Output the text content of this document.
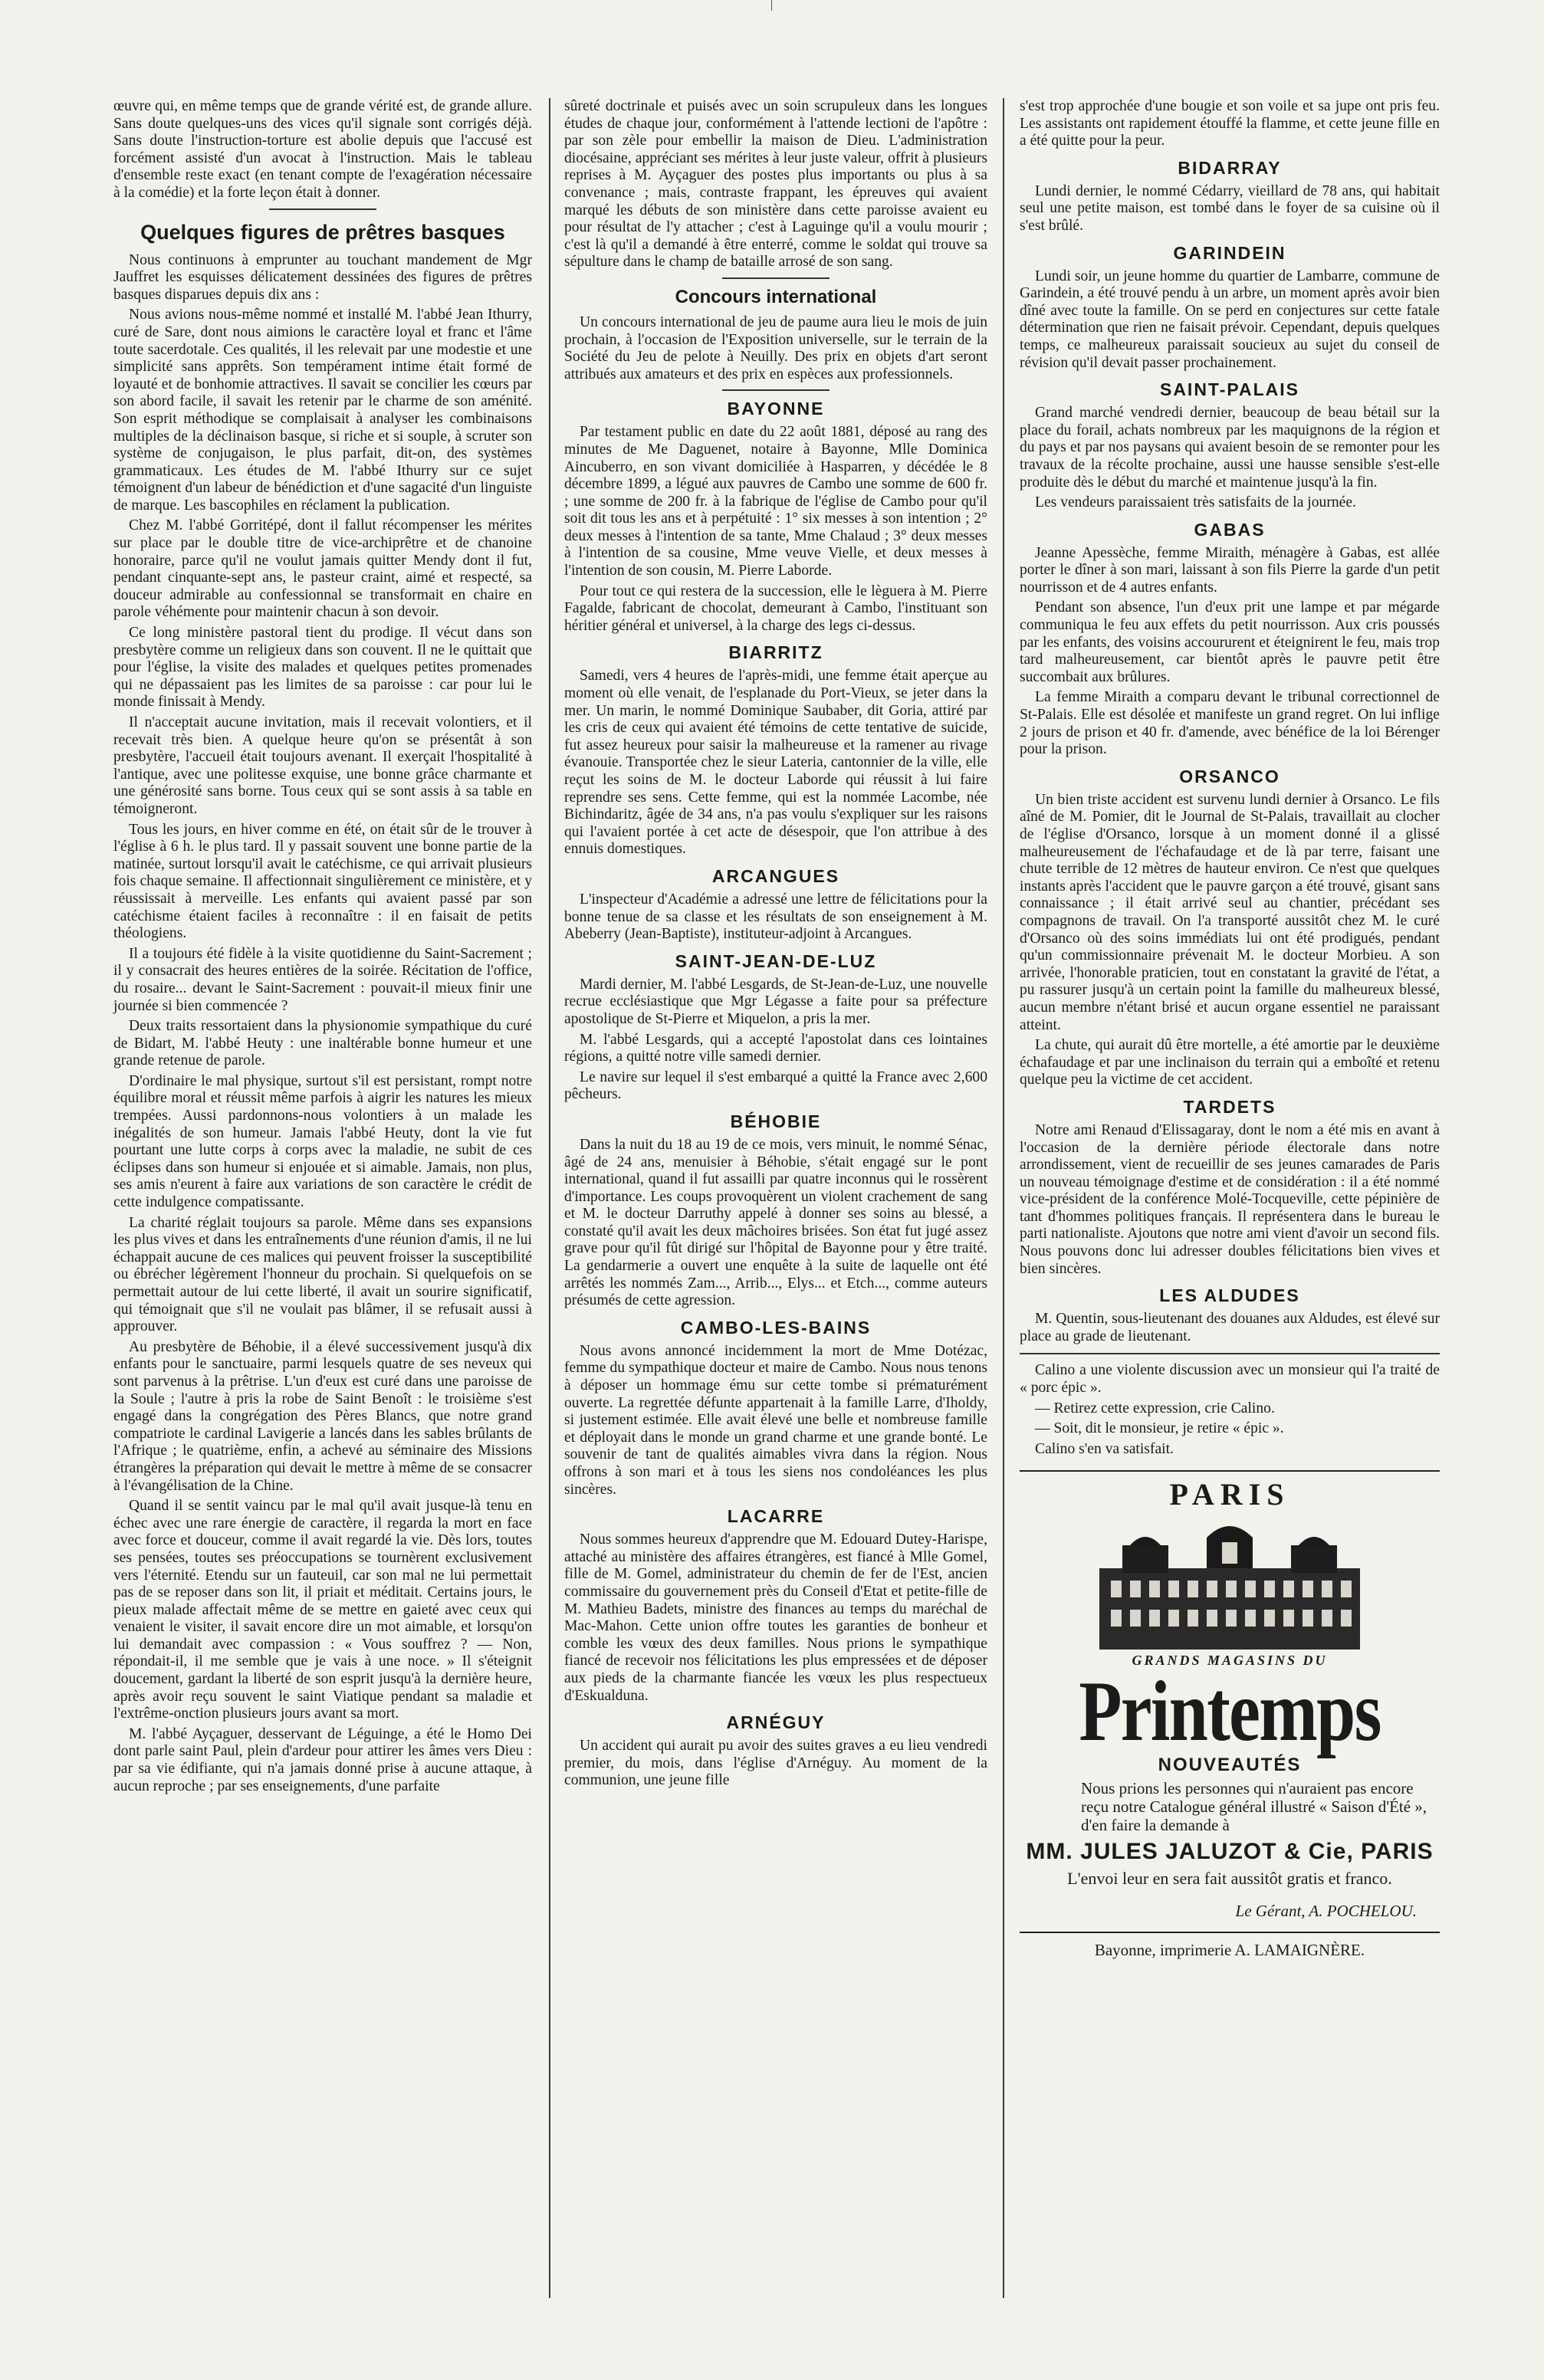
œuvre qui, en même temps que de grande vérité est, de grande allure. Sans doute quelques-uns des vices qu'il signale sont corrigés déjà. Sans doute l'instruction-torture est abolie depuis que l'accusé est forcément assisté d'un avocat à l'instruction. Mais le tableau d'ensemble reste exact (en tenant compte de l'exagération nécessaire à la comédie) et la forte leçon était à donner.

Quelques figures de prêtres basques

Nous continuons à emprunter au touchant mandement de Mgr Jauffret les esquisses délicatement dessinées des figures de prêtres basques disparues depuis dix ans :

Nous avions nous-même nommé et installé M. l'abbé Jean Ithurry, curé de Sare, dont nous aimions le caractère loyal et franc et l'âme toute sacerdotale. Ces qualités, il les relevait par une modestie et une simplicité sans apprêts. Son tempérament intime était formé de loyauté et de bonhomie attractives. Il savait se concilier les cœurs par son abord facile, il savait les retenir par le charme de son aménité. Son esprit méthodique se complaisait à analyser les combinaisons multiples de la déclinaison basque, si riche et si souple, à scruter son système de conjugaison, le plus parfait, dit-on, des systèmes grammaticaux. Les études de M. l'abbé Ithurry sur ce sujet témoignent d'un labeur de bénédiction et d'une sagacité d'un linguiste de marque. Les bascophiles en réclament la publication.

Chez M. l'abbé Gorritépé, dont il fallut récompenser les mérites sur place par le double titre de vice-archiprêtre et de chanoine honoraire, parce qu'il ne voulut jamais quitter Mendy dont il fut, pendant cinquante-sept ans, le pasteur craint, aimé et respecté, sa douceur admirable au confessionnal se transformait en chaire en parole véhémente pour maintenir chacun à son devoir.

Ce long ministère pastoral tient du prodige. Il vécut dans son presbytère comme un religieux dans son couvent. Il ne le quittait que pour l'église, la visite des malades et quelques petites promenades qui ne dépassaient pas les limites de sa paroisse : car pour lui le monde finissait à Mendy.

Il n'acceptait aucune invitation, mais il recevait volontiers, et il recevait très bien. A quelque heure qu'on se présentât à son presbytère, l'accueil était toujours avenant. Il exerçait l'hospitalité à l'antique, avec une politesse exquise, une bonne grâce charmante et une générosité sans borne. Tous ceux qui se sont assis à sa table en témoigneront.

Tous les jours, en hiver comme en été, on était sûr de le trouver à l'église à 6 h. le plus tard. Il y passait souvent une bonne partie de la matinée, surtout lorsqu'il avait le catéchisme, ce qui arrivait plusieurs fois chaque semaine. Il affectionnait singulièrement ce ministère, et y réussissait à merveille. Les enfants qui avaient passé par son catéchisme étaient faciles à reconnaître : il en faisait de petits théologiens.

Il a toujours été fidèle à la visite quotidienne du Saint-Sacrement ; il y consacrait des heures entières de la soirée. Récitation de l'office, du rosaire... devant le Saint-Sacrement : pouvait-il mieux finir une journée si bien commencée ?

Deux traits ressortaient dans la physionomie sympathique du curé de Bidart, M. l'abbé Heuty : une inaltérable bonne humeur et une grande retenue de parole.

D'ordinaire le mal physique, surtout s'il est persistant, rompt notre équilibre moral et réussit même parfois à aigrir les natures les mieux trempées. Aussi pardonnons-nous volontiers à un malade les inégalités de son humeur. Jamais l'abbé Heuty, dont la vie fut pourtant une lutte corps à corps avec la maladie, ne subit de ces éclipses dans son humeur si enjouée et si aimable. Jamais, non plus, ses amis n'eurent à faire aux variations de son caractère le crédit de cette indulgence compatissante.

La charité réglait toujours sa parole. Même dans ses expansions les plus vives et dans les entraînements d'une réunion d'amis, il ne lui échappait aucune de ces malices qui peuvent froisser la susceptibilité ou ébrécher légèrement l'honneur du prochain. Si quelquefois on se permettait autour de lui cette liberté, il avait un sourire significatif, qui témoignait que s'il ne voulait pas blâmer, il se refusait aussi à approuver.

Au presbytère de Béhobie, il a élevé successivement jusqu'à dix enfants pour le sanctuaire, parmi lesquels quatre de ses neveux qui sont parvenus à la prêtrise. L'un d'eux est curé dans une paroisse de la Soule ; l'autre à pris la robe de Saint Benoît : le troisième s'est engagé dans la congrégation des Pères Blancs, que notre grand compatriote le cardinal Lavigerie a lancés dans les sables brûlants de l'Afrique ; le quatrième, enfin, a achevé au séminaire des Missions étrangères la préparation qui devait le mettre à même de se consacrer à l'évangélisation de la Chine.

Quand il se sentit vaincu par le mal qu'il avait jusque-là tenu en échec avec une rare énergie de caractère, il regarda la mort en face avec force et douceur, comme il avait regardé la vie. Dès lors, toutes ses pensées, toutes ses préoccupations se tournèrent exclusivement vers l'éternité. Etendu sur un fauteuil, car son mal ne lui permettait pas de se reposer dans son lit, il priait et méditait. Certains jours, le pieux malade affectait même de se mettre en gaieté avec ceux qui venaient le visiter, il savait encore dire un mot aimable, et lorsqu'on lui demandait avec compassion : « Vous souffrez ? — Non, répondait-il, il me semble que je vais à une noce. » Il s'éteignit doucement, gardant la liberté de son esprit jusqu'à la dernière heure, après avoir reçu souvent le saint Viatique pendant sa maladie et l'extrême-onction plusieurs jours avant sa mort.

M. l'abbé Ayçaguer, desservant de Léguinge, a été le Homo Dei dont parle saint Paul, plein d'ardeur pour attirer les âmes vers Dieu : par sa vie édifiante, qui n'a jamais donné prise à aucune attaque, à aucun reproche ; par ses enseignements, d'une parfaite

sûreté doctrinale et puisés avec un soin scrupuleux dans les longues études de chaque jour, conformément à l'attende lectioni de l'apôtre : par son zèle pour embellir la maison de Dieu. L'administration diocésaine, appréciant ses mérites à leur juste valeur, offrit à plusieurs reprises à M. Ayçaguer des postes plus importants ou plus à sa convenance ; mais, contraste frappant, les épreuves qui avaient marqué les débuts de son ministère dans cette paroisse avaient eu pour résultat de l'y attacher ; c'est à Laguinge qu'il a voulu mourir ; c'est là qu'il a demandé à être enterré, comme le soldat qui trouve sa sépulture dans le champ de bataille arrosé de son sang.

Concours international

Un concours international de jeu de paume aura lieu le mois de juin prochain, à l'occasion de l'Exposition universelle, sur le terrain de la Société du Jeu de pelote à Neuilly. Des prix en objets d'art seront attribués aux amateurs et des prix en espèces aux professionnels.

BAYONNE

Par testament public en date du 22 août 1881, déposé au rang des minutes de Me Daguenet, notaire à Bayonne, Mlle Dominica Aincuberro, en son vivant domiciliée à Hasparren, y décédée le 8 décembre 1899, a légué aux pauvres de Cambo une somme de 600 fr. ; une somme de 200 fr. à la fabrique de l'église de Cambo pour qu'il soit dit tous les ans et à perpétuité : 1° six messes à son intention ; 2° deux messes à l'intention de sa tante, Mme Chalaud ; 3° deux messes à l'intention de sa cousine, Mme veuve Vielle, et deux messes à l'intention de son cousin, M. Pierre Laborde.

Pour tout ce qui restera de la succession, elle le lèguera à M. Pierre Fagalde, fabricant de chocolat, demeurant à Cambo, l'instituant son héritier général et universel, à la charge des legs ci-dessus.

BIARRITZ

Samedi, vers 4 heures de l'après-midi, une femme était aperçue au moment où elle venait, de l'esplanade du Port-Vieux, se jeter dans la mer. Un marin, le nommé Dominique Saubaber, dit Goria, attiré par les cris de ceux qui avaient été témoins de cette tentative de suicide, fut assez heureux pour saisir la malheureuse et la ramener au rivage évanouie. Transportée chez le sieur Lateria, cantonnier de la ville, elle reçut les soins de M. le docteur Laborde qui réussit à lui faire reprendre ses sens. Cette femme, qui est la nommée Lacombe, née Bichindaritz, âgée de 34 ans, n'a pas voulu s'expliquer sur les raisons qui l'avaient portée à cet acte de désespoir, que l'on attribue à des ennuis domestiques.

ARCANGUES

L'inspecteur d'Académie a adressé une lettre de félicitations pour la bonne tenue de sa classe et les résultats de son enseignement à M. Abeberry (Jean-Baptiste), instituteur-adjoint à Arcangues.

SAINT-JEAN-DE-LUZ

Mardi dernier, M. l'abbé Lesgards, de St-Jean-de-Luz, une nouvelle recrue ecclésiastique que Mgr Légasse a faite pour sa préfecture apostolique de St-Pierre et Miquelon, a pris la mer.

M. l'abbé Lesgards, qui a accepté l'apostolat dans ces lointaines régions, a quitté notre ville samedi dernier.

Le navire sur lequel il s'est embarqué a quitté la France avec 2,600 pêcheurs.

BÉHOBIE

Dans la nuit du 18 au 19 de ce mois, vers minuit, le nommé Sénac, âgé de 24 ans, menuisier à Béhobie, s'était engagé sur le pont international, quand il fut assailli par quatre inconnus qui le rossèrent d'importance. Les coups provoquèrent un violent crachement de sang et M. le docteur Darruthy appelé à donner ses soins au blessé, a constaté qu'il avait les deux mâchoires brisées. Son état fut jugé assez grave pour qu'il fût dirigé sur l'hôpital de Bayonne pour y être traité. La gendarmerie a ouvert une enquête à la suite de laquelle ont été arrêtés les nommés Zam..., Arrib..., Elys... et Etch..., comme auteurs présumés de cette agression.

CAMBO-LES-BAINS

Nous avons annoncé incidemment la mort de Mme Dotézac, femme du sympathique docteur et maire de Cambo. Nous nous tenons à déposer un hommage ému sur cette tombe si prématurément ouverte. La regrettée défunte appartenait à la famille Larre, d'Iholdy, si justement estimée. Elle avait élevé une belle et nombreuse famille et déployait dans le monde un grand charme et une grande bonté. Le souvenir de tant de qualités aimables vivra dans la région. Nous offrons à son mari et à tous les siens nos condoléances les plus sincères.

LACARRE

Nous sommes heureux d'apprendre que M. Edouard Dutey-Harispe, attaché au ministère des affaires étrangères, est fiancé à Mlle Gomel, fille de M. Gomel, administrateur du chemin de fer de l'Est, ancien commissaire du gouvernement près du Conseil d'Etat et petite-fille de M. Mathieu Badets, ministre des finances au temps du maréchal de Mac-Mahon. Cette union offre toutes les garanties de bonheur et comble les vœux des deux familles. Nous prions le sympathique fiancé de recevoir nos félicitations les plus empressées et de déposer aux pieds de la charmante fiancée les vœux les plus respectueux d'Eskualduna.

ARNÉGUY

Un accident qui aurait pu avoir des suites graves a eu lieu vendredi premier, du mois, dans l'église d'Arnéguy. Au moment de la communion, une jeune fille

s'est trop approchée d'une bougie et son voile et sa jupe ont pris feu. Les assistants ont rapidement étouffé la flamme, et cette jeune fille en a été quitte pour la peur.

BIDARRAY

Lundi dernier, le nommé Cédarry, vieillard de 78 ans, qui habitait seul une petite maison, est tombé dans le foyer de sa cuisine où il s'est brûlé.

GARINDEIN

Lundi soir, un jeune homme du quartier de Lambarre, commune de Garindein, a été trouvé pendu à un arbre, un moment après avoir bien dîné avec toute la famille. On se perd en conjectures sur cette fatale détermination que rien ne faisait prévoir. Cependant, depuis quelques temps, ce malheureux paraissait soucieux au sujet du conseil de révision qu'il devait passer prochainement.

SAINT-PALAIS

Grand marché vendredi dernier, beaucoup de beau bétail sur la place du forail, achats nombreux par les maquignons de la région et du pays et par nos paysans qui avaient besoin de se remonter pour les travaux de la récolte prochaine, aussi une hausse sensible s'est-elle produite dès le début du marché et maintenue jusqu'à la fin.

Les vendeurs paraissaient très satisfaits de la journée.

GABAS

Jeanne Apessèche, femme Miraith, ménagère à Gabas, est allée porter le dîner à son mari, laissant à son fils Pierre la garde d'un petit nourrisson et de 4 autres enfants.

Pendant son absence, l'un d'eux prit une lampe et par mégarde communiqua le feu aux effets du petit nourrisson. Aux cris poussés par les enfants, des voisins accoururent et éteignirent le feu, mais trop tard malheureusement, car bientôt après le pauvre petit être succombait aux brûlures.

La femme Miraith a comparu devant le tribunal correctionnel de St-Palais. Elle est désolée et manifeste un grand regret. On lui inflige 2 jours de prison et 40 fr. d'amende, avec bénéfice de la loi Bérenger pour la prison.

ORSANCO

Un bien triste accident est survenu lundi dernier à Orsanco. Le fils aîné de M. Pomier, dit le Journal de St-Palais, travaillait au clocher de l'église d'Orsanco, lorsque à un moment donné il a glissé malheureusement de l'échafaudage et de là par terre, faisant une chute terrible de 12 mètres de hauteur environ. Ce n'est que quelques instants après l'accident que le pauvre garçon a été trouvé, gisant sans connaissance ; il était arrivé seul au chantier, précédant ses compagnons de travail. On l'a transporté aussitôt chez M. le curé d'Orsanco où des soins immédiats lui ont été prodigués, pendant qu'un commissionnaire prévenait M. le docteur Morbieu. A son arrivée, l'honorable praticien, tout en constatant la gravité de l'état, a pu rassurer jusqu'à un certain point la famille du malheureux blessé, aucun membre n'étant brisé et aucun organe essentiel ne paraissant atteint.

La chute, qui aurait dû être mortelle, a été amortie par le deuxième échafaudage et par une inclinaison du terrain qui a emboîté et retenu quelque peu la victime de cet accident.

TARDETS

Notre ami Renaud d'Elissagaray, dont le nom a été mis en avant à l'occasion de la dernière période électorale dans notre arrondissement, vient de recueillir de ses jeunes camarades de Paris un nouveau témoignage d'estime et de considération : il a été nommé vice-président de la conférence Molé-Tocqueville, cette pépinière de tant d'hommes politiques français. Il représentera dans le bureau le parti nationaliste. Ajoutons que notre ami vient d'avoir un second fils. Nous pouvons donc lui adresser doubles félicitations bien vives et bien sincères.

LES ALDUDES

M. Quentin, sous-lieutenant des douanes aux Aldudes, est élevé sur place au grade de lieutenant.

Calino a une violente discussion avec un monsieur qui l'a traité de « porc épic ».

— Retirez cette expression, crie Calino.

— Soit, dit le monsieur, je retire « épic ».

Calino s'en va satisfait.

PARIS
GRANDS MAGASINS DU
Printemps
NOUVEAUTÉS
Nous prions les personnes qui n'auraient pas encore reçu notre Catalogue général illustré « Saison d'Été », d'en faire la demande à
MM. JULES JALUZOT & Cie, PARIS
L'envoi leur en sera fait aussitôt gratis et franco.
Le Gérant, A. POCHELOU.
Bayonne, imprimerie A. LAMAIGNÈRE.
